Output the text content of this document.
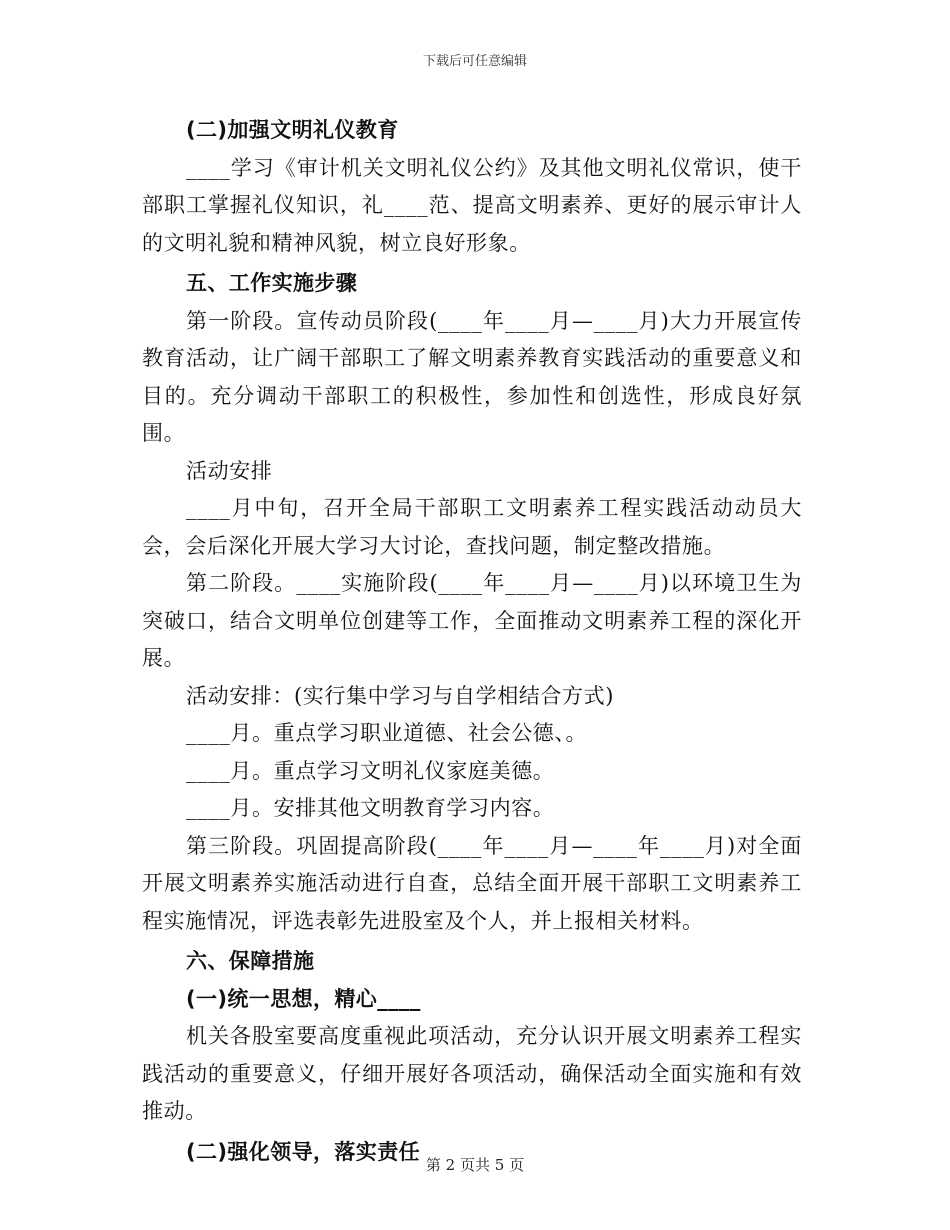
下载后可任意编辑

(二)加强文明礼仪教育

____学习《审计机关文明礼仪公约》及其他文明礼仪常识，使干部职工掌握礼仪知识，礼____范、提高文明素养、更好的展示审计人的文明礼貌和精神风貌，树立良好形象。

五、工作实施步骤

第一阶段。宣传动员阶段(____年____月—____月)大力开展宣传教育活动，让广阔干部职工了解文明素养教育实践活动的重要意义和目的。充分调动干部职工的积极性，参加性和创选性，形成良好氛围。

活动安排

____月中旬，召开全局干部职工文明素养工程实践活动动员大会，会后深化开展大学习大讨论，查找问题，制定整改措施。

第二阶段。____实施阶段(____年____月—____月)以环境卫生为突破口，结合文明单位创建等工作，全面推动文明素养工程的深化开展。

活动安排：(实行集中学习与自学相结合方式)

____月。重点学习职业道德、社会公德、。

____月。重点学习文明礼仪家庭美德。

____月。安排其他文明教育学习内容。

第三阶段。巩固提高阶段(____年____月—____年____月)对全面开展文明素养实施活动进行自查，总结全面开展干部职工文明素养工程实施情况，评选表彰先进股室及个人，并上报相关材料。

六、保障措施

(一)统一思想，精心____

机关各股室要高度重视此项活动，充分认识开展文明素养工程实践活动的重要意义，仔细开展好各项活动，确保活动全面实施和有效推动。

(二)强化领导，落实责任

第 2 页共 5 页
